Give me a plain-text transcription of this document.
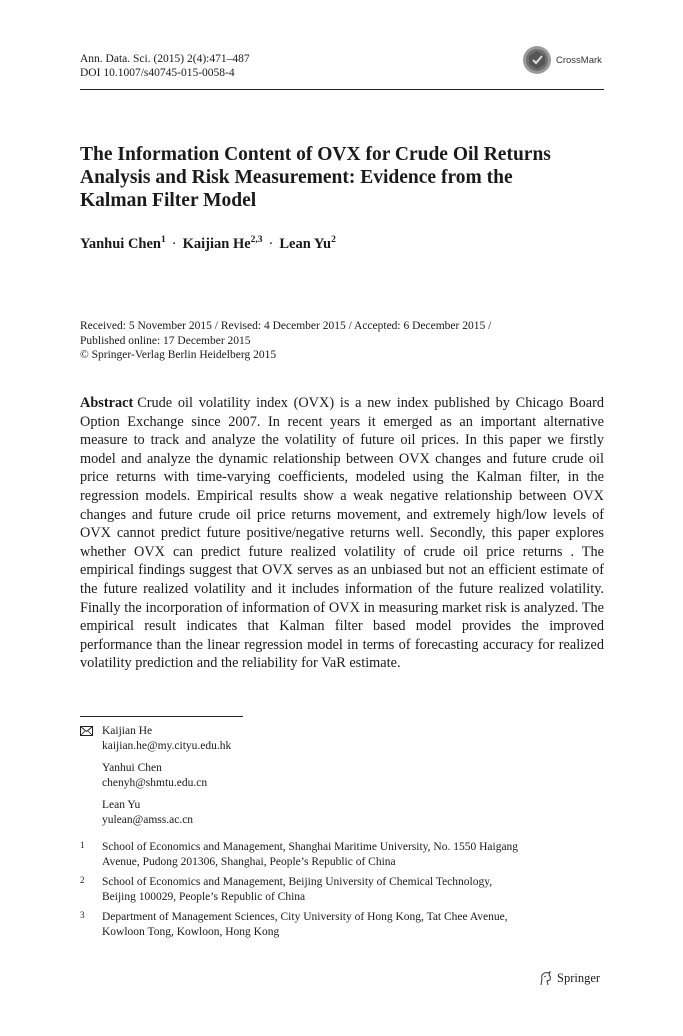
Ann. Data. Sci. (2015) 2(4):471–487
DOI 10.1007/s40745-015-0058-4
CrossMark
The Information Content of OVX for Crude Oil Returns Analysis and Risk Measurement: Evidence from the Kalman Filter Model
Yanhui Chen$^1$ · Kaijian He$^{2,3}$ · Lean Yu$^2$
Received: 5 November 2015 / Revised: 4 December 2015 / Accepted: 6 December 2015 /
Published online: 17 December 2015
© Springer-Verlag Berlin Heidelberg 2015

Abstract Crude oil volatility index (OVX) is a new index published by Chicago Board Option Exchange since 2007. In recent years it emerged as an important alternative measure to track and analyze the volatility of future oil prices. In this paper we firstly model and analyze the dynamic relationship between OVX changes and future crude oil price returns with time-varying coefficients, modeled using the Kalman filter, in the regression models. Empirical results show a weak negative relationship between OVX changes and future crude oil price returns movement, and extremely high/low levels of OVX cannot predict future positive/negative returns well. Secondly, this paper explores whether OVX can predict future realized volatility of crude oil price returns . The empirical findings suggest that OVX serves as an unbiased but not an efficient estimate of the future realized volatility and it includes information of the future realized volatility. Finally the incorporation of information of OVX in measuring market risk is analyzed. The empirical result indicates that Kalman filter based model provides the improved performance than the linear regression model in terms of forecasting accuracy for realized volatility prediction and the reliability for VaR estimate.

Kaijian He
kaijian.he@my.cityu.edu.hk
Yanhui Chen
chenyh@shmtu.edu.cn
Lean Yu
yulean@amss.ac.cn
1 School of Economics and Management, Shanghai Maritime University, No. 1550 Haigang
Avenue, Pudong 201306, Shanghai, People’s Republic of China
2 School of Economics and Management, Beijing University of Chemical Technology,
Beijing 100029, People’s Republic of China
3 Department of Management Sciences, City University of Hong Kong, Tat Chee Avenue,
Kowloon Tong, Kowloon, Hong Kong
Springer
